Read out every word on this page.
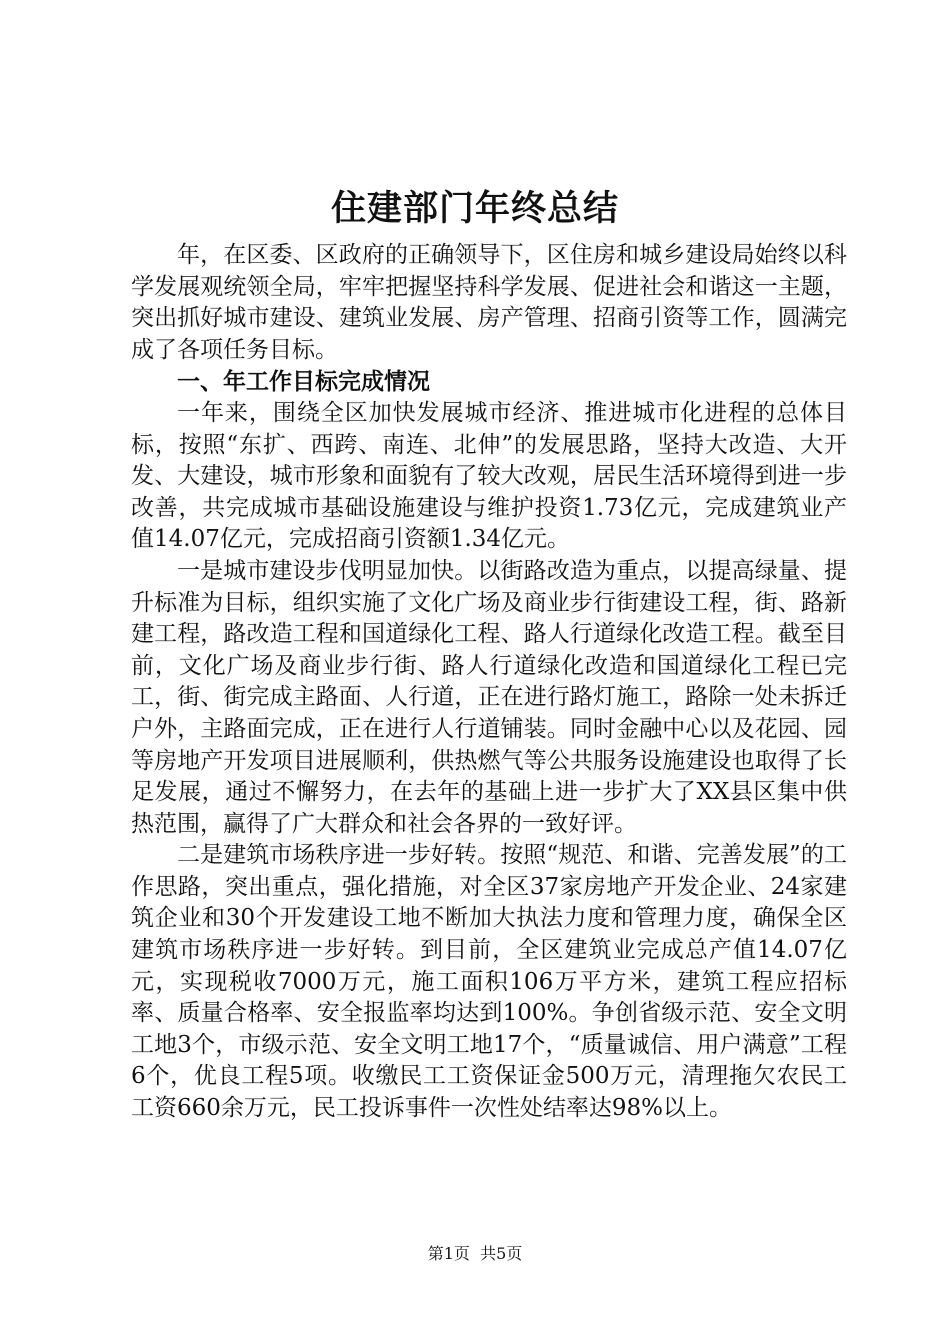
住建部门年终总结

年，在区委、区政府的正确领导下，区住房和城乡建设局始终以科学发展观统领全局，牢牢把握坚持科学发展、促进社会和谐这一主题，突出抓好城市建设、建筑业发展、房产管理、招商引资等工作，圆满完成了各项任务目标。

一、年工作目标完成情况

一年来，围绕全区加快发展城市经济、推进城市化进程的总体目标，按照“东扩、西跨、南连、北伸”的发展思路，坚持大改造、大开发、大建设，城市形象和面貌有了较大改观，居民生活环境得到进一步改善，共完成城市基础设施建设与维护投资1.73亿元，完成建筑业产值14.07亿元，完成招商引资额1.34亿元。

一是城市建设步伐明显加快。以街路改造为重点，以提高绿量、提升标准为目标，组织实施了文化广场及商业步行街建设工程，街、路新建工程，路改造工程和国道绿化工程、路人行道绿化改造工程。截至目前，文化广场及商业步行街、路人行道绿化改造和国道绿化工程已完工，街、街完成主路面、人行道，正在进行路灯施工，路除一处未拆迁户外，主路面完成，正在进行人行道铺装。同时金融中心以及花园、园等房地产开发项目进展顺利，供热燃气等公共服务设施建设也取得了长足发展，通过不懈努力，在去年的基础上进一步扩大了XX县区集中供热范围，赢得了广大群众和社会各界的一致好评。

二是建筑市场秩序进一步好转。按照“规范、和谐、完善发展”的工作思路，突出重点，强化措施，对全区37家房地产开发企业、24家建筑企业和30个开发建设工地不断加大执法力度和管理力度，确保全区建筑市场秩序进一步好转。到目前，全区建筑业完成总产值14.07亿元，实现税收7000万元，施工面积106万平方米，建筑工程应招标率、质量合格率、安全报监率均达到100%。争创省级示范、安全文明工地3个，市级示范、安全文明工地17个，“质量诚信、用户满意”工程6个，优良工程5项。收缴民工工资保证金500万元，清理拖欠农民工工资660余万元，民工投诉事件一次性处结率达98%以上。

第1页  共5页
